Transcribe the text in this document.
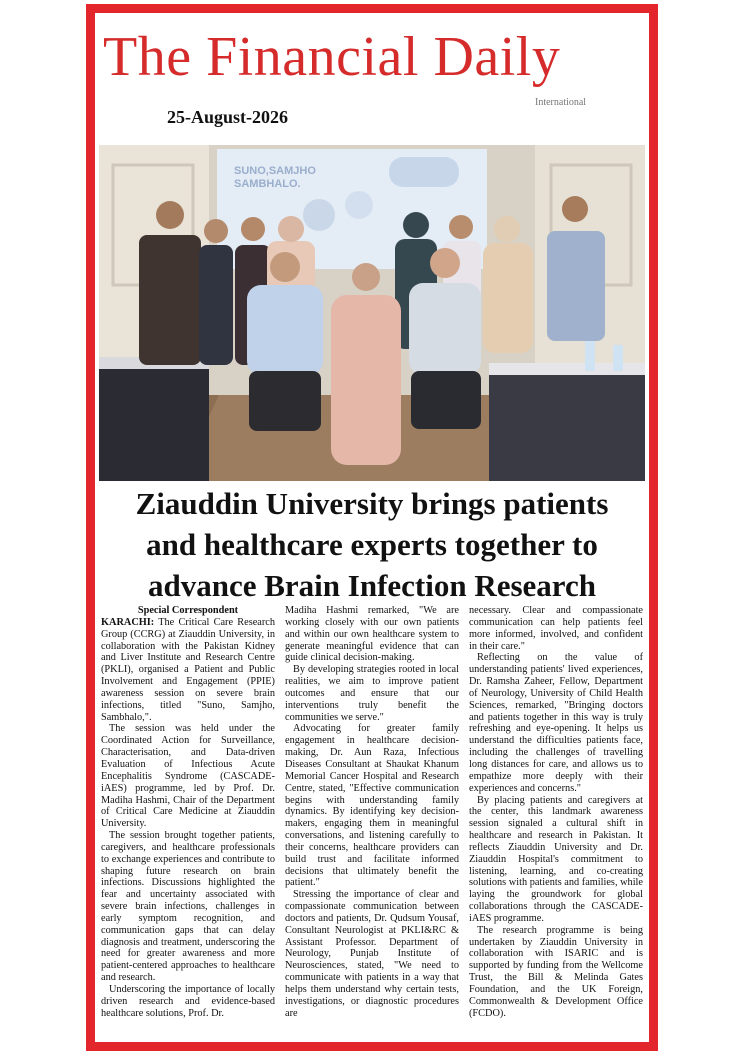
The Financial Daily
International
25-August-2026
SUNO,SAMJHO
SAMBHALO.
Ziauddin University brings patients
and healthcare experts together to
advance Brain Infection Research

Special Correspondent

KARACHI: The Critical Care Research Group (CCRG) at Ziauddin University, in collaboration with the Pakistan Kidney and Liver Institute and Research Centre (PKLI), organised a Patient and Public Involvement and Engagement (PPIE) awareness session on severe brain infections, titled "Suno, Samjho, Sambhalo,".

The session was held under the Coordinated Action for Surveillance, Characterisation, and Data-driven Evaluation of Infectious Acute Encephalitis Syndrome (CASCADE-iAES) programme, led by Prof. Dr. Madiha Hashmi, Chair of the Department of Critical Care Medicine at Ziauddin University.

The session brought together patients, caregivers, and healthcare professionals to exchange experiences and contribute to shaping future research on brain infections. Discussions highlighted the fear and uncertainty associated with severe brain infections, challenges in early symptom recognition, and communication gaps that can delay diagnosis and treatment, underscoring the need for greater awareness and more patient-centered approaches to healthcare and research.

Underscoring the importance of locally driven research and evidence-based healthcare solutions, Prof. Dr.

Madiha Hashmi remarked, "We are working closely with our own patients and within our own healthcare system to generate meaningful evidence that can guide clinical decision-making.

By developing strategies rooted in local realities, we aim to improve patient outcomes and ensure that our interventions truly benefit the communities we serve."

Advocating for greater family engagement in healthcare decision-making, Dr. Aun Raza, Infectious Diseases Consultant at Shaukat Khanum Memorial Cancer Hospital and Research Centre, stated, "Effective communication begins with understanding family dynamics. By identifying key decision-makers, engaging them in meaningful conversations, and listening carefully to their concerns, healthcare providers can build trust and facilitate informed decisions that ultimately benefit the patient."

Stressing the importance of clear and compassionate communication between doctors and patients, Dr. Qudsum Yousaf, Consultant Neurologist at PKLI&RC & Assistant Professor. Department of Neurology, Punjab Institute of Neurosciences, stated, "We need to communicate with patients in a way that helps them understand why certain tests, investigations, or diagnostic procedures are

necessary. Clear and compassionate communication can help patients feel more informed, involved, and confident in their care."

Reflecting on the value of understanding patients' lived experiences, Dr. Ramsha Zaheer, Fellow, Department of Neurology, University of Child Health Sciences, remarked, "Bringing doctors and patients together in this way is truly refreshing and eye-opening. It helps us understand the difficulties patients face, including the challenges of travelling long distances for care, and allows us to empathize more deeply with their experiences and concerns."

By placing patients and caregivers at the center, this landmark awareness session signaled a cultural shift in healthcare and research in Pakistan. It reflects Ziauddin University and Dr. Ziauddin Hospital's commitment to listening, learning, and co-creating solutions with patients and families, while laying the groundwork for global collaborations through the CASCADE-iAES programme.

The research programme is being undertaken by Ziauddin University in collaboration with ISARIC and is supported by funding from the Wellcome Trust, the Bill & Melinda Gates Foundation, and the UK Foreign, Commonwealth & Development Office (FCDO).
